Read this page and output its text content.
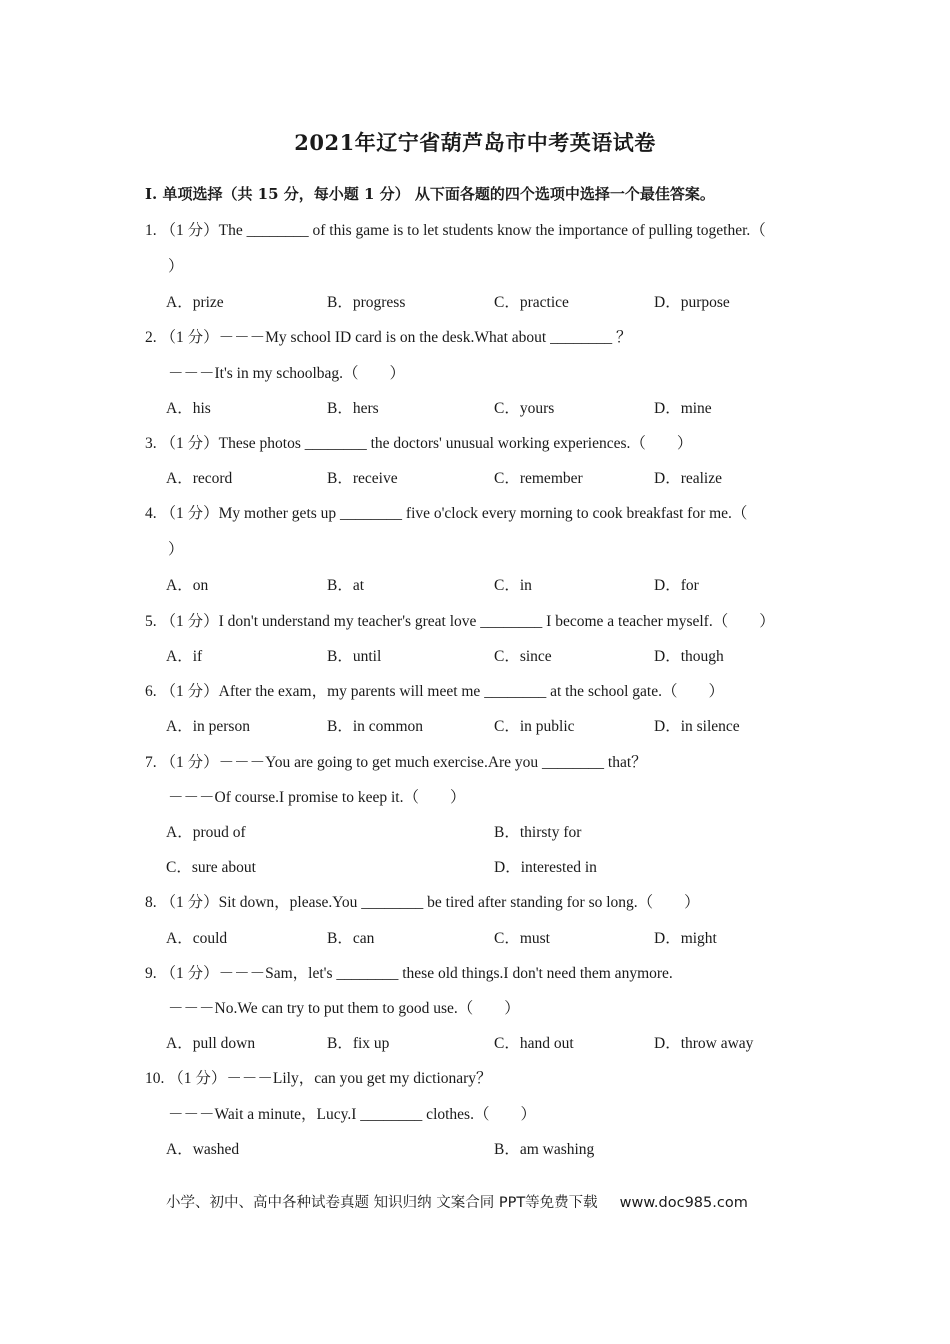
2021年辽宁省葫芦岛市中考英语试卷
I. 单项选择（共 15 分，每小题 1 分） 从下面各题的四个选项中选择一个最佳答案。
1. （1 分）The ________ of this game is to let students know the importance of pulling together.（
）
A．prize	B．progress	C．practice	D．purpose
2. （1 分）－－－My school ID card is on the desk.What about ________ ？
－－－It's in my schoolbag.（　　）
A．his	B．hers	C．yours	D．mine
3. （1 分）These photos ________ the doctors' unusual working experiences.（　　）
A．record	B．receive	C．remember	D．realize
4. （1 分）My mother gets up ________ five o'clock every morning to cook breakfast for me.（
）
A．on	B．at	C．in	D．for
5. （1 分）I don't understand my teacher's great love ________ I become a teacher myself.（　　）
A．if	B．until	C．since	D．though
6. （1 分）After the exam，my parents will meet me ________ at the school gate.（　　）
A．in person	B．in common	C．in public	D．in silence
7. （1 分）－－－You are going to get much exercise.Are you ________ that？
－－－Of course.I promise to keep it.（　　）
A．proud of	B．thirsty for
C．sure about	D．interested in
8. （1 分）Sit down，please.You ________ be tired after standing for so long.（　　）
A．could	B．can	C．must	D．might
9. （1 分）－－－Sam，let's ________ these old things.I don't need them anymore.
－－－No.We can try to put them to good use.（　　）
A．pull down	B．fix up	C．hand out	D．throw away
10. （1 分）－－－Lily，can you get my dictionary？
－－－Wait a minute，Lucy.I ________ clothes.（　　）
A．washed	B．am washing
小学、初中、高中各种试卷真题 知识归纳 文案合同 PPT等免费下载 www.doc985.com
